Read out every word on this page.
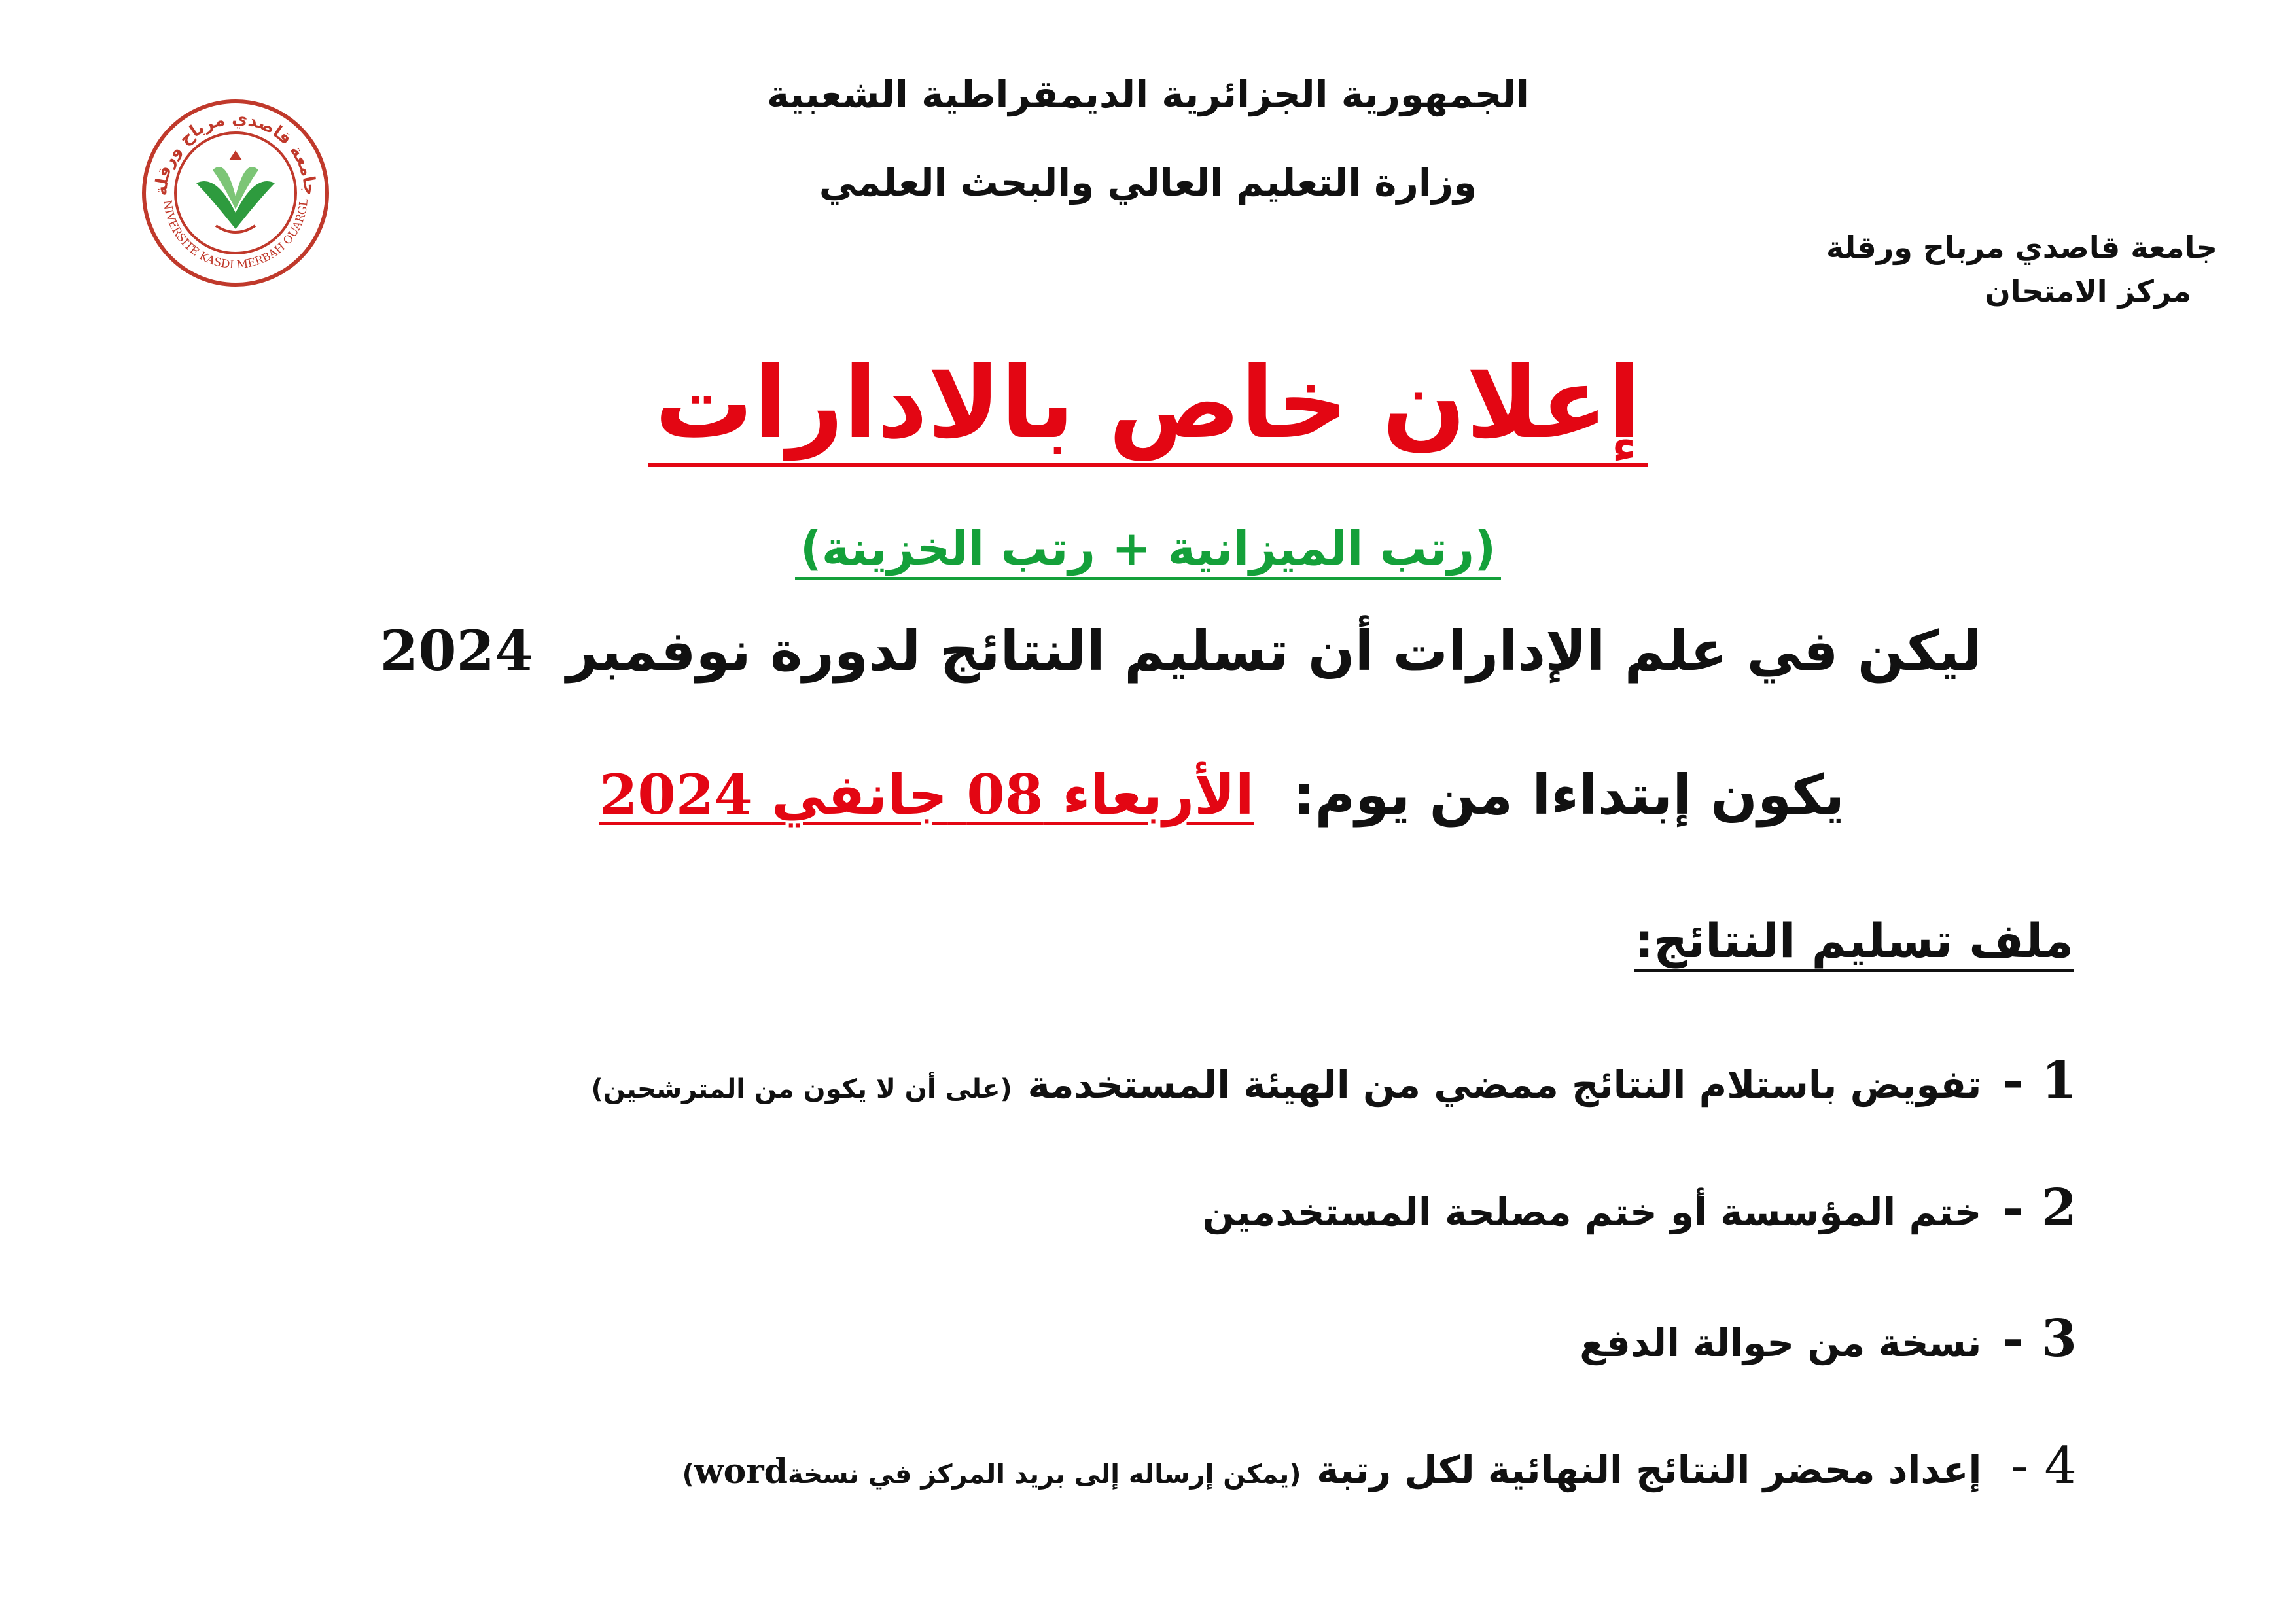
الجمهورية الجزائرية الديمقراطية الشعبية
وزارة التعليم العالي والبحث العلمي
جامعة قاصدي مرباح ورقلة
مركز الامتحان
جامعة قاصدي مرباح ورقلة
NIVERSITE KASDI MERBAH OUARGL
إعلان خاص بالادارات
(رتب الميزانية + رتب الخزينة)
ليكن في علم الإدارات أن تسليم النتائج لدورة نوفمبر 2024
يكون إبتداءا من يوم: الأربعاء 08 جانفي 2024
ملف تسليم النتائج:
1 - تفويض باستلام النتائج ممضي من الهيئة المستخدمة (على أن لا يكون من المترشحين)
2 - ختم المؤسسة أو ختم مصلحة المستخدمين
3 - نسخة من حوالة الدفع
4 - إعداد محضر النتائج النهائية لكل رتبة (يمكن إرساله إلى بريد المركز في نسخةword)
